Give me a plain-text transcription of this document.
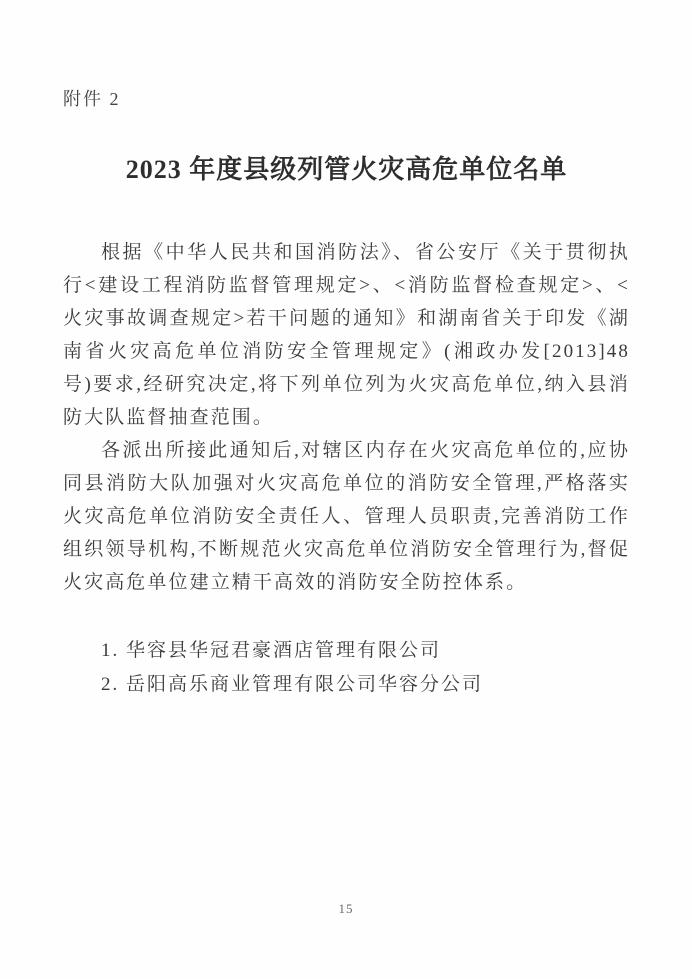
附件 2
2023 年度县级列管火灾高危单位名单

根据《中华人民共和国消防法》、省公安厅《关于贯彻执行<建设工程消防监督管理规定>、<消防监督检查规定>、<火灾事故调查规定>若干问题的通知》和湖南省关于印发《湖南省火灾高危单位消防安全管理规定》(湘政办发[2013]48 号)要求,经研究决定,将下列单位列为火灾高危单位,纳入县消防大队监督抽查范围。

各派出所接此通知后,对辖区内存在火灾高危单位的,应协同县消防大队加强对火灾高危单位的消防安全管理,严格落实火灾高危单位消防安全责任人、管理人员职责,完善消防工作组织领导机构,不断规范火灾高危单位消防安全管理行为,督促火灾高危单位建立精干高效的消防安全防控体系。

1. 华容县华冠君豪酒店管理有限公司
2. 岳阳高乐商业管理有限公司华容分公司
15
